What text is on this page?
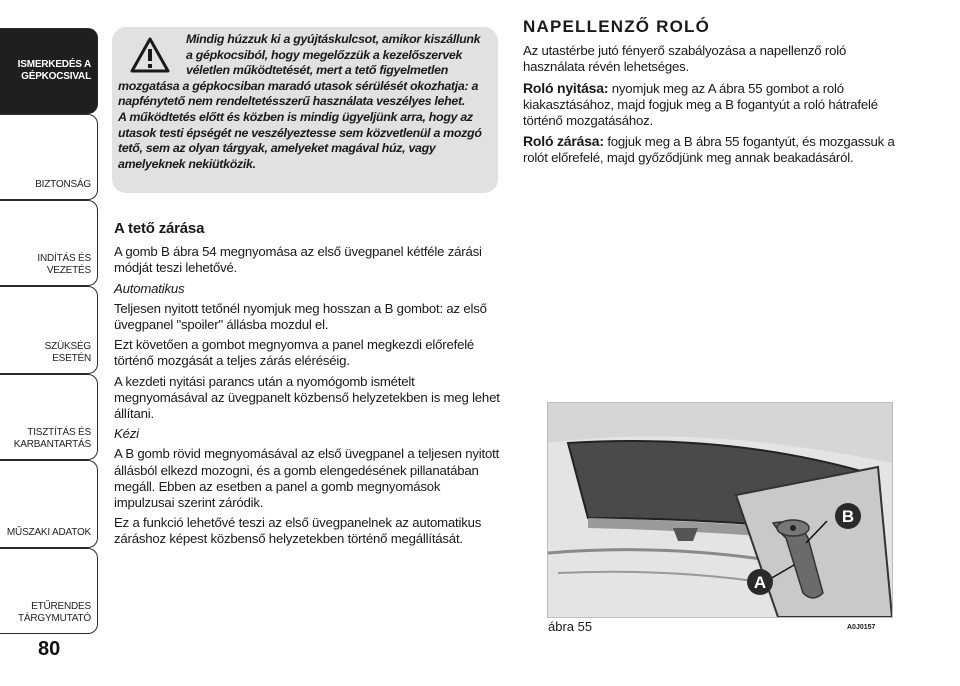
ISMERKEDÉS A
GÉPKOCSIVAL
BIZTONSÁG
INDÍTÁS ÉS VEZETÉS
SZÜKSÉG ESETÉN
TISZTÍTÁS ÉS
KARBANTARTÁS
MŰSZAKI ADATOK
ETŰRENDES
TÁRGYMUTATÓ
80
Mindig húzzuk ki a gyújtáskulcsot, amikor kiszállunk
a gépkocsiból, hogy megelőzzük a kezelőszervek
véletlen működtetését, mert a tető figyelmetlen
mozgatása a gépkocsiban maradó utasok sérülését okozhatja: a
napfénytető nem rendeltetésszerű használata veszélyes lehet.
A működtetés előtt és közben is mindig ügyeljünk arra, hogy az
utasok testi épségét ne veszélyeztesse sem közvetlenül a mozgó
tető, sem az olyan tárgyak, amelyeket magával húz, vagy
amelyeknek nekiütközik.
A tető zárása

A gomb B ábra 54 megnyomása az első üvegpanel kétféle zárási módját teszi lehetővé.

Automatikus

Teljesen nyitott tetőnél nyomjuk meg hosszan a B gombot: az első üvegpanel "spoiler" állásba mozdul el.

Ezt követően a gombot megnyomva a panel megkezdi előrefelé történő mozgását a teljes zárás eléréséig.

A kezdeti nyitási parancs után a nyomógomb ismételt megnyomásával az üvegpanelt közbenső helyzetekben is meg lehet állítani.

Kézi

A B gomb rövid megnyomásával az első üvegpanel a teljesen nyitott állásból elkezd mozogni, és a gomb elengedésének pillanatában megáll. Ebben az esetben a panel a gomb megnyomások impulzusai szerint záródik.

Ez a funkció lehetővé teszi az első üvegpanelnek az automatikus záráshoz képest közbenső helyzetekben történő megállítását.

NAPELLENZŐ ROLÓ

Az utastérbe jutó fényerő szabályozása a napellenző roló használata révén lehetséges.

Roló nyitása: nyomjuk meg az A ábra 55 gombot a roló kiakasztásához, majd fogjuk meg a B fogantyút a roló hátrafelé történő mozgatásához.

Roló zárása: fogjuk meg a B ábra 55 fogantyút, és mozgassuk a rolót előrefelé, majd győződjünk meg annak beakadásáról.

B
A
ábra 55	A0J0157
